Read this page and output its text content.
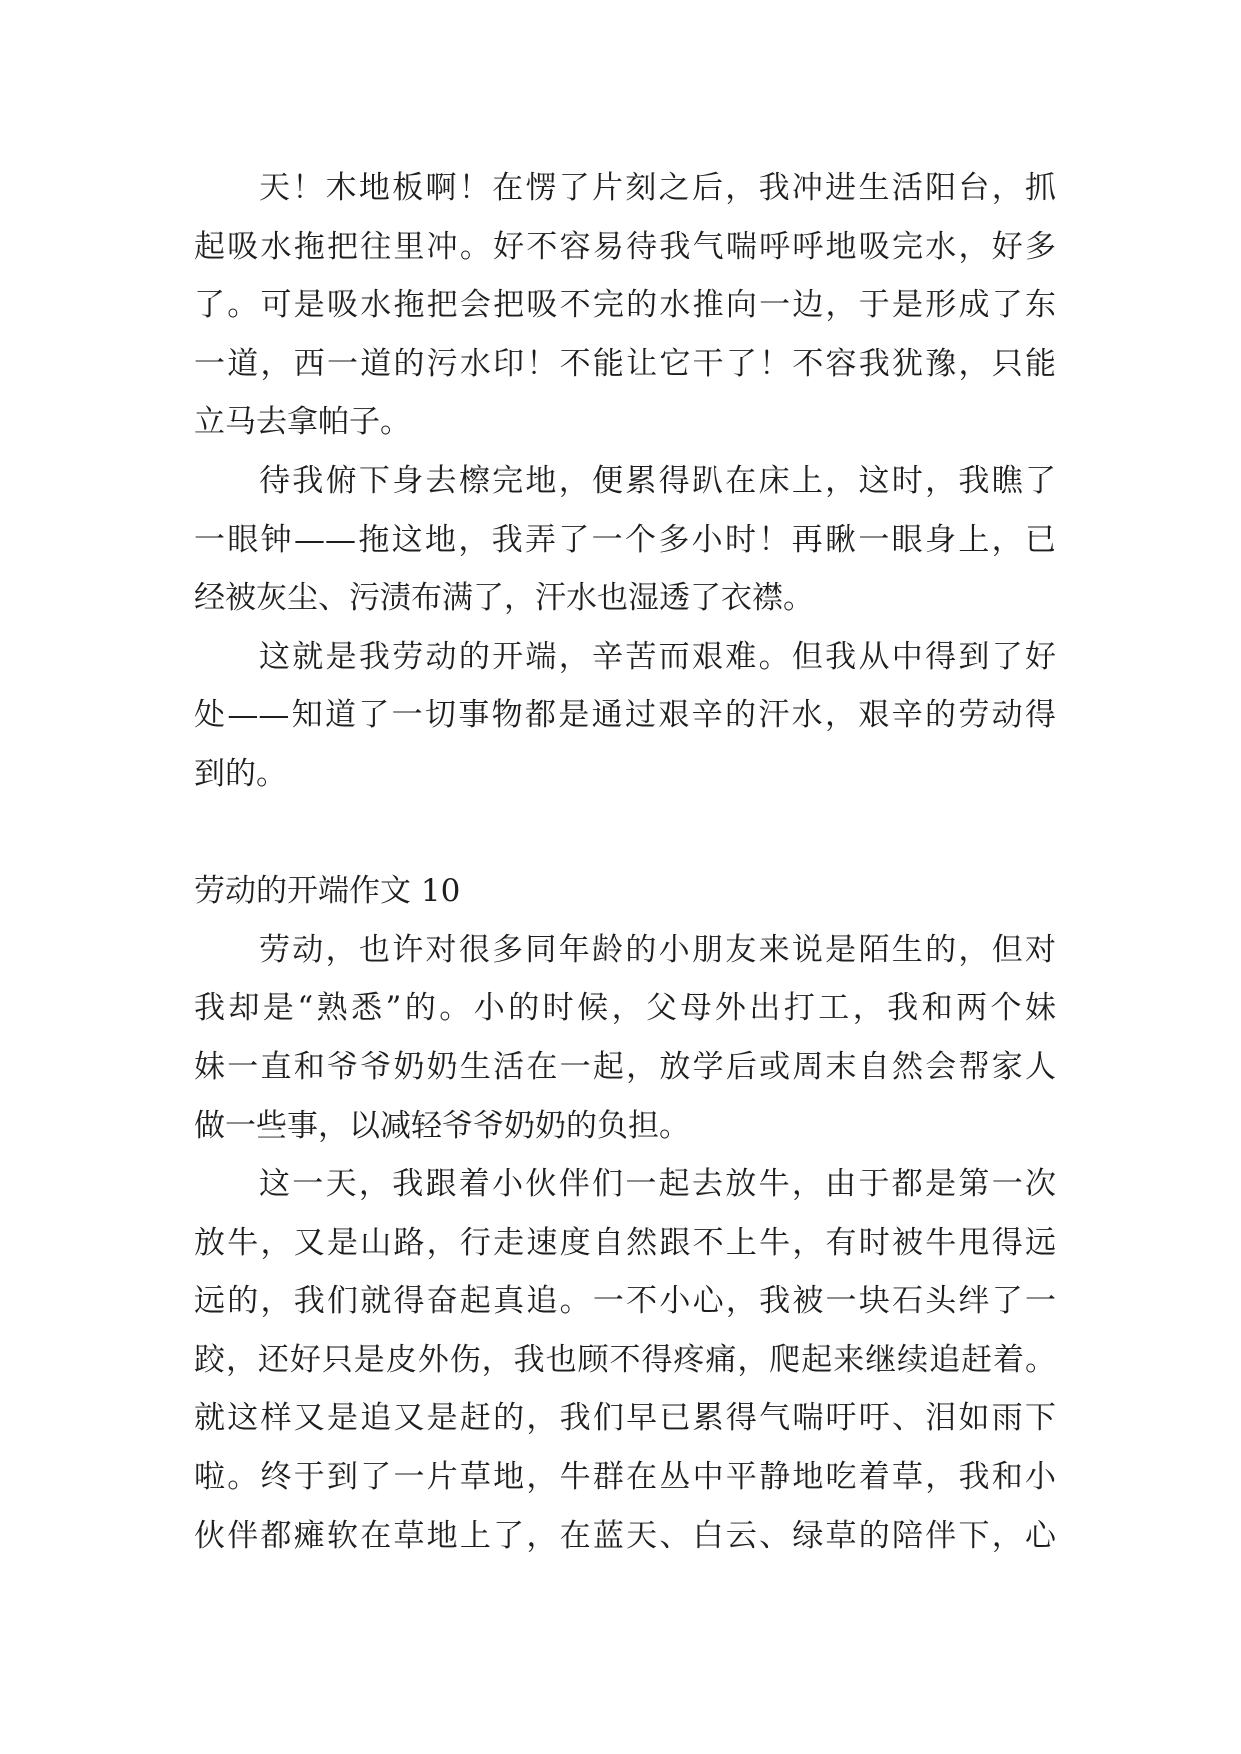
天！木地板啊！在愣了片刻之后，我冲进生活阳台，抓
起吸水拖把往里冲。好不容易待我气喘呼呼地吸完水，好多
了。可是吸水拖把会把吸不完的水推向一边，于是形成了东
一道，西一道的污水印！不能让它干了！不容我犹豫，只能
立马去拿帕子。
待我俯下身去檫完地，便累得趴在床上，这时，我瞧了
一眼钟——拖这地，我弄了一个多小时！再瞅一眼身上，已
经被灰尘、污渍布满了，汗水也湿透了衣襟。
这就是我劳动的开端，辛苦而艰难。但我从中得到了好
处——知道了一切事物都是通过艰辛的汗水，艰辛的劳动得
到的。
劳动的开端作文 10
劳动，也许对很多同年龄的小朋友来说是陌生的，但对
我却是“熟悉”的。小的时候，父母外出打工，我和两个妹
妹一直和爷爷奶奶生活在一起，放学后或周末自然会帮家人
做一些事，以减轻爷爷奶奶的负担。
这一天，我跟着小伙伴们一起去放牛，由于都是第一次
放牛，又是山路，行走速度自然跟不上牛，有时被牛甩得远
远的，我们就得奋起真追。一不小心，我被一块石头绊了一
跤，还好只是皮外伤，我也顾不得疼痛，爬起来继续追赶着。
就这样又是追又是赶的，我们早已累得气喘吁吁、泪如雨下
啦。终于到了一片草地，牛群在丛中平静地吃着草，我和小
伙伴都瘫软在草地上了，在蓝天、白云、绿草的陪伴下，心
